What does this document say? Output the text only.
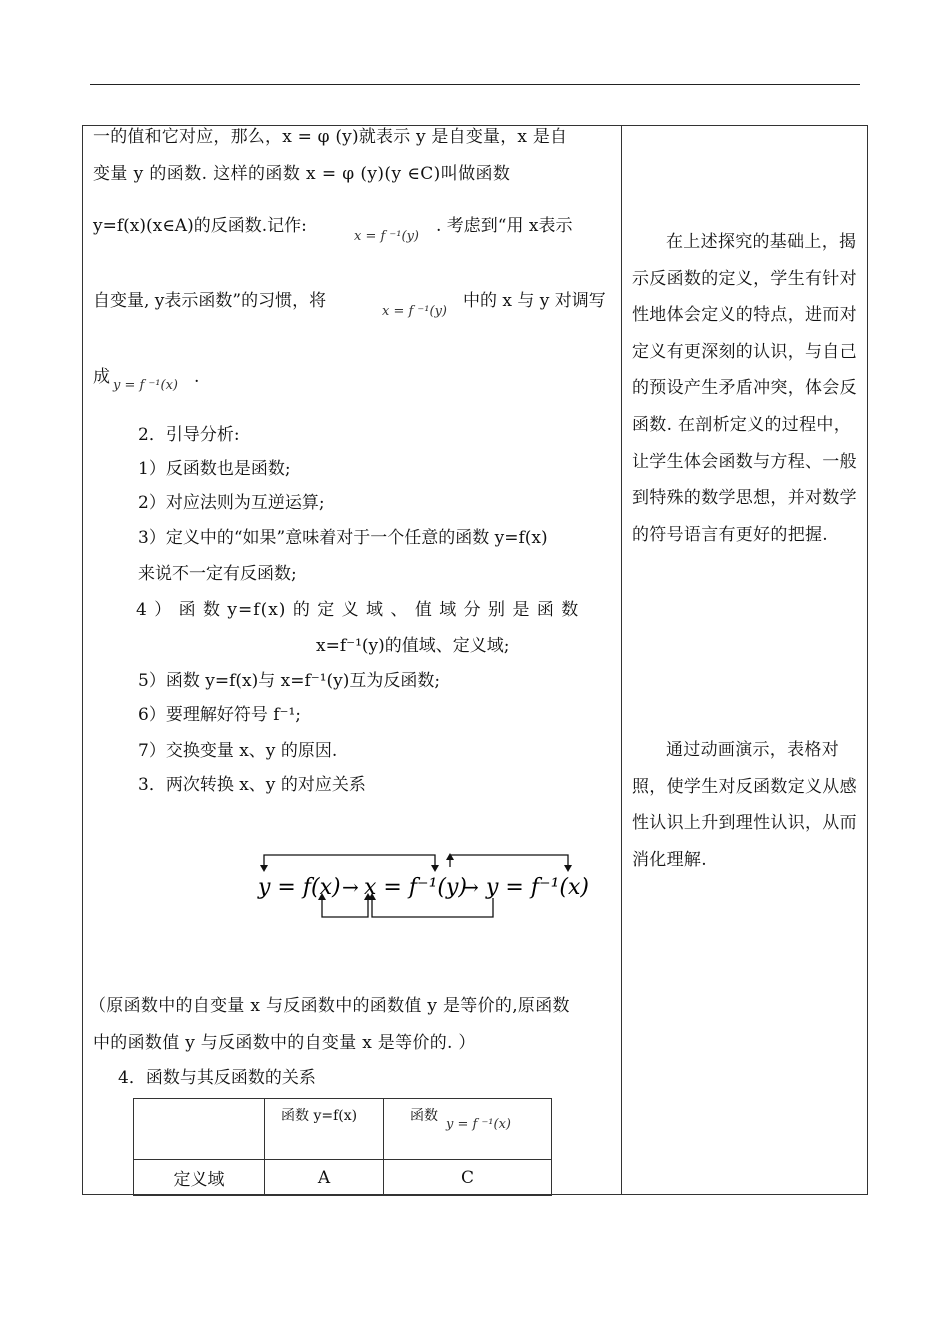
一的值和它对应，那么，x = φ (y)就表示 y 是自变量，x 是自
变量 y 的函数. 这样的函数 x = φ (y)(y ∈C)叫做函数
y=f(x)(x∈A)的反函数.记作:
x = f ⁻¹(y)
. 考虑到“用 x表示
自变量, y表示函数”的习惯，将
x = f ⁻¹(y)
中的 x 与 y 对调写
成 y = f ⁻¹(x) .
2．引导分析:
1）反函数也是函数;
2）对应法则为互逆运算;
3）定义中的“如果”意味着对于一个任意的函数 y=f(x)
来说不一定有反函数;
4 ） 函 数 y=f(x) 的 定 义 域 、 值 域 分 别 是 函 数
x=f⁻¹(y)的值域、定义域;
5）函数 y=f(x)与 x=f⁻¹(y)互为反函数;
6）要理解好符号 f⁻¹;
7）交换变量 x、y 的原因.
3．两次转换 x、y 的对应关系
y = f(x) → x = f⁻¹(y)
→ y = f⁻¹(x)
（原函数中的自变量 x 与反函数中的函数值 y 是等价的,原函数
中的函数值 y 与反函数中的自变量 x 是等价的. ）
4．函数与其反函数的关系
	函数 y=f(x)	函数
y = f ⁻¹(x)

定义域	A	C
在上述探究的基础上，揭示反函数的定义，学生有针对性地体会定义的特点，进而对定义有更深刻的认识，与自己的预设产生矛盾冲突，体会反函数. 在剖析定义的过程中，让学生体会函数与方程、一般到特殊的数学思想，并对数学的符号语言有更好的把握.
通过动画演示，表格对照，使学生对反函数定义从感性认识上升到理性认识，从而消化理解.
